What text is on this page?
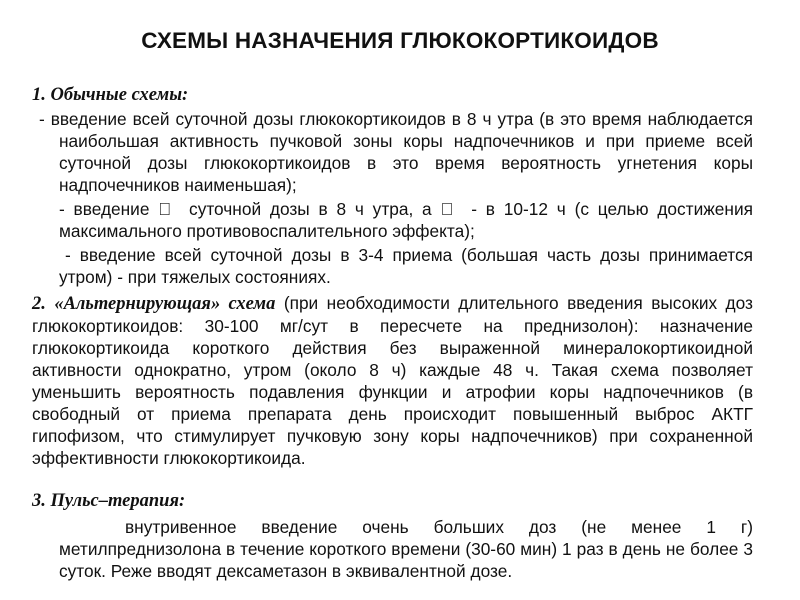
СХЕМЫ НАЗНАЧЕНИЯ ГЛЮКОКОРТИКОИДОВ
1. Обычные схемы:
- введение всей суточной дозы глюкокортикоидов в 8 ч утра (в это время наблюдается наибольшая активность пучковой зоны коры надпочечников и при приеме всей суточной дозы глюкокортикоидов в это время вероятность угнетения коры надпочечников наименьшая);
- введение суточной дозы в 8 ч утра, а - в 10-12 ч (с целью достижения максимального противовоспалительного эффекта);
- введение всей суточной дозы в 3-4 приема (большая часть дозы принимается утром) - при тяжелых состояниях.
2. «Альтернирующая» схема (при необходимости длительного введения высоких доз глюкокортикоидов: 30-100 мг/сут в пересчете на преднизолон): назначение глюкокортикоида короткого действия без выраженной минералокортикоидной активности однократно, утром (около 8 ч) каждые 48 ч. Такая схема позволяет уменьшить вероятность подавления функции и атрофии коры надпочечников (в свободный от приема препарата день происходит повышенный выброс АКТГ гипофизом, что стимулирует пучковую зону коры надпочечников) при сохраненной эффективности глюкокортикоида.
3. Пульс–терапия:
внутривенное введение очень больших доз (не менее 1 г) метилпреднизолона в течение короткого времени (30-60 мин) 1 раз в день не более 3 суток. Реже вводят дексаметазон в эквивалентной дозе.
